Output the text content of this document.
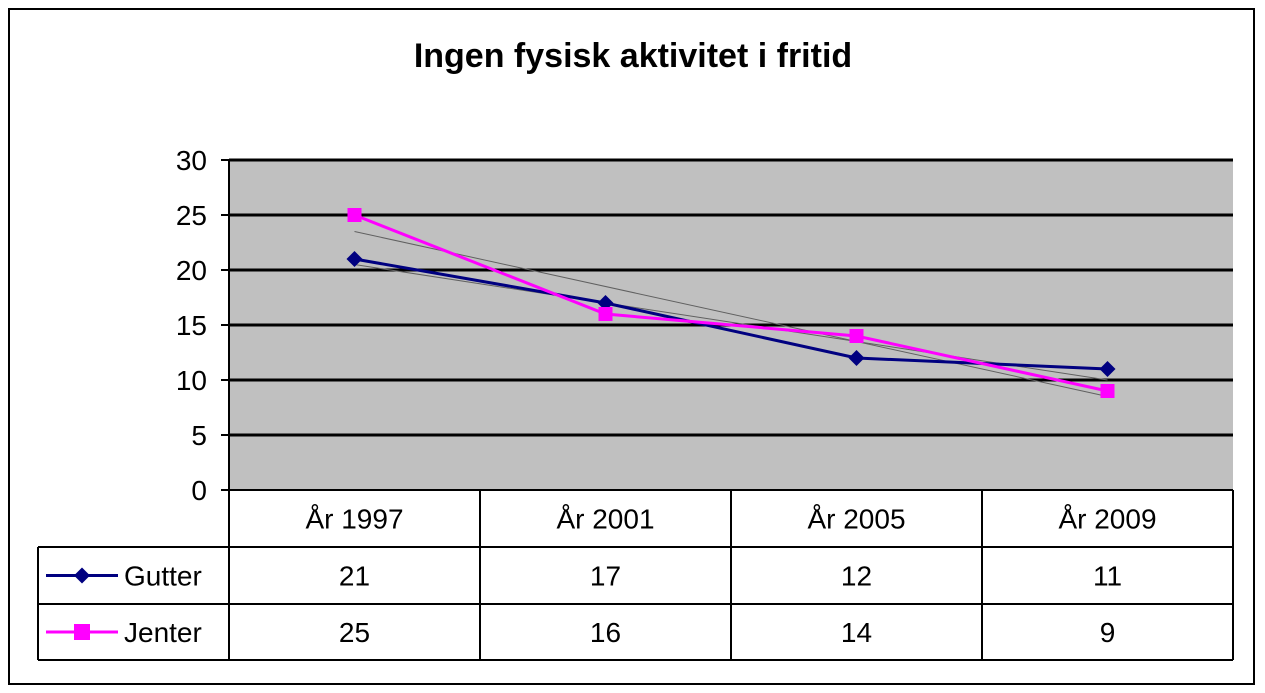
Ingen fysisk aktivitet i fritid
0
5
10
15
20
25
30
År 1997	År 2001	År 2005	År 2009
Gutter	21	17	12	11
Jenter	25	16	14	9
